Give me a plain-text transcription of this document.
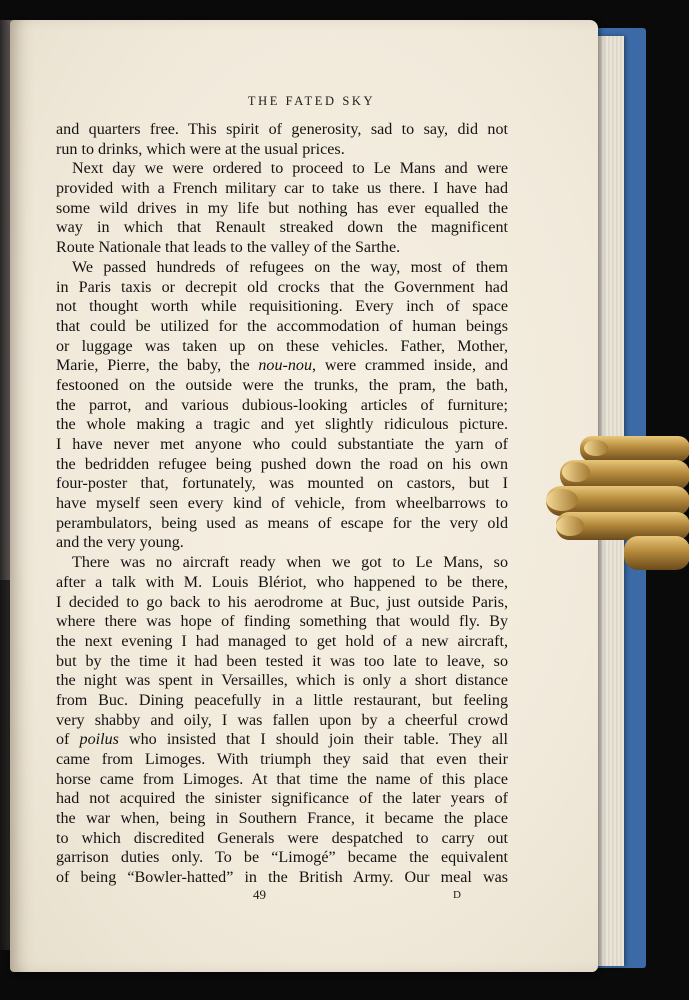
THE FATED SKY
and quarters free. This spirit of generosity, sad to say, did not
run to drinks, which were at the usual prices.
Next day we were ordered to proceed to Le Mans and were
provided with a French military car to take us there. I have had
some wild drives in my life but nothing has ever equalled the
way in which that Renault streaked down the magnificent
Route Nationale that leads to the valley of the Sarthe.
We passed hundreds of refugees on the way, most of them
in Paris taxis or decrepit old crocks that the Government had
not thought worth while requisitioning. Every inch of space
that could be utilized for the accommodation of human beings
or luggage was taken up on these vehicles. Father, Mother,
Marie, Pierre, the baby, the nou-nou, were crammed inside, and
festooned on the outside were the trunks, the pram, the bath,
the parrot, and various dubious-looking articles of furniture;
the whole making a tragic and yet slightly ridiculous picture.
I have never met anyone who could substantiate the yarn of
the bedridden refugee being pushed down the road on his own
four-poster that, fortunately, was mounted on castors, but I
have myself seen every kind of vehicle, from wheelbarrows to
perambulators, being used as means of escape for the very old
and the very young.
There was no aircraft ready when we got to Le Mans, so
after a talk with M. Louis Blériot, who happened to be there,
I decided to go back to his aerodrome at Buc, just outside Paris,
where there was hope of finding something that would fly. By
the next evening I had managed to get hold of a new aircraft,
but by the time it had been tested it was too late to leave, so
the night was spent in Versailles, which is only a short distance
from Buc. Dining peacefully in a little restaurant, but feeling
very shabby and oily, I was fallen upon by a cheerful crowd
of poilus who insisted that I should join their table. They all
came from Limoges. With triumph they said that even their
horse came from Limoges. At that time the name of this place
had not acquired the sinister significance of the later years of
the war when, being in Southern France, it became the place
to which discredited Generals were despatched to carry out
garrison duties only. To be “Limogé” became the equivalent
of being “Bowler-hatted” in the British Army. Our meal was
49	D
